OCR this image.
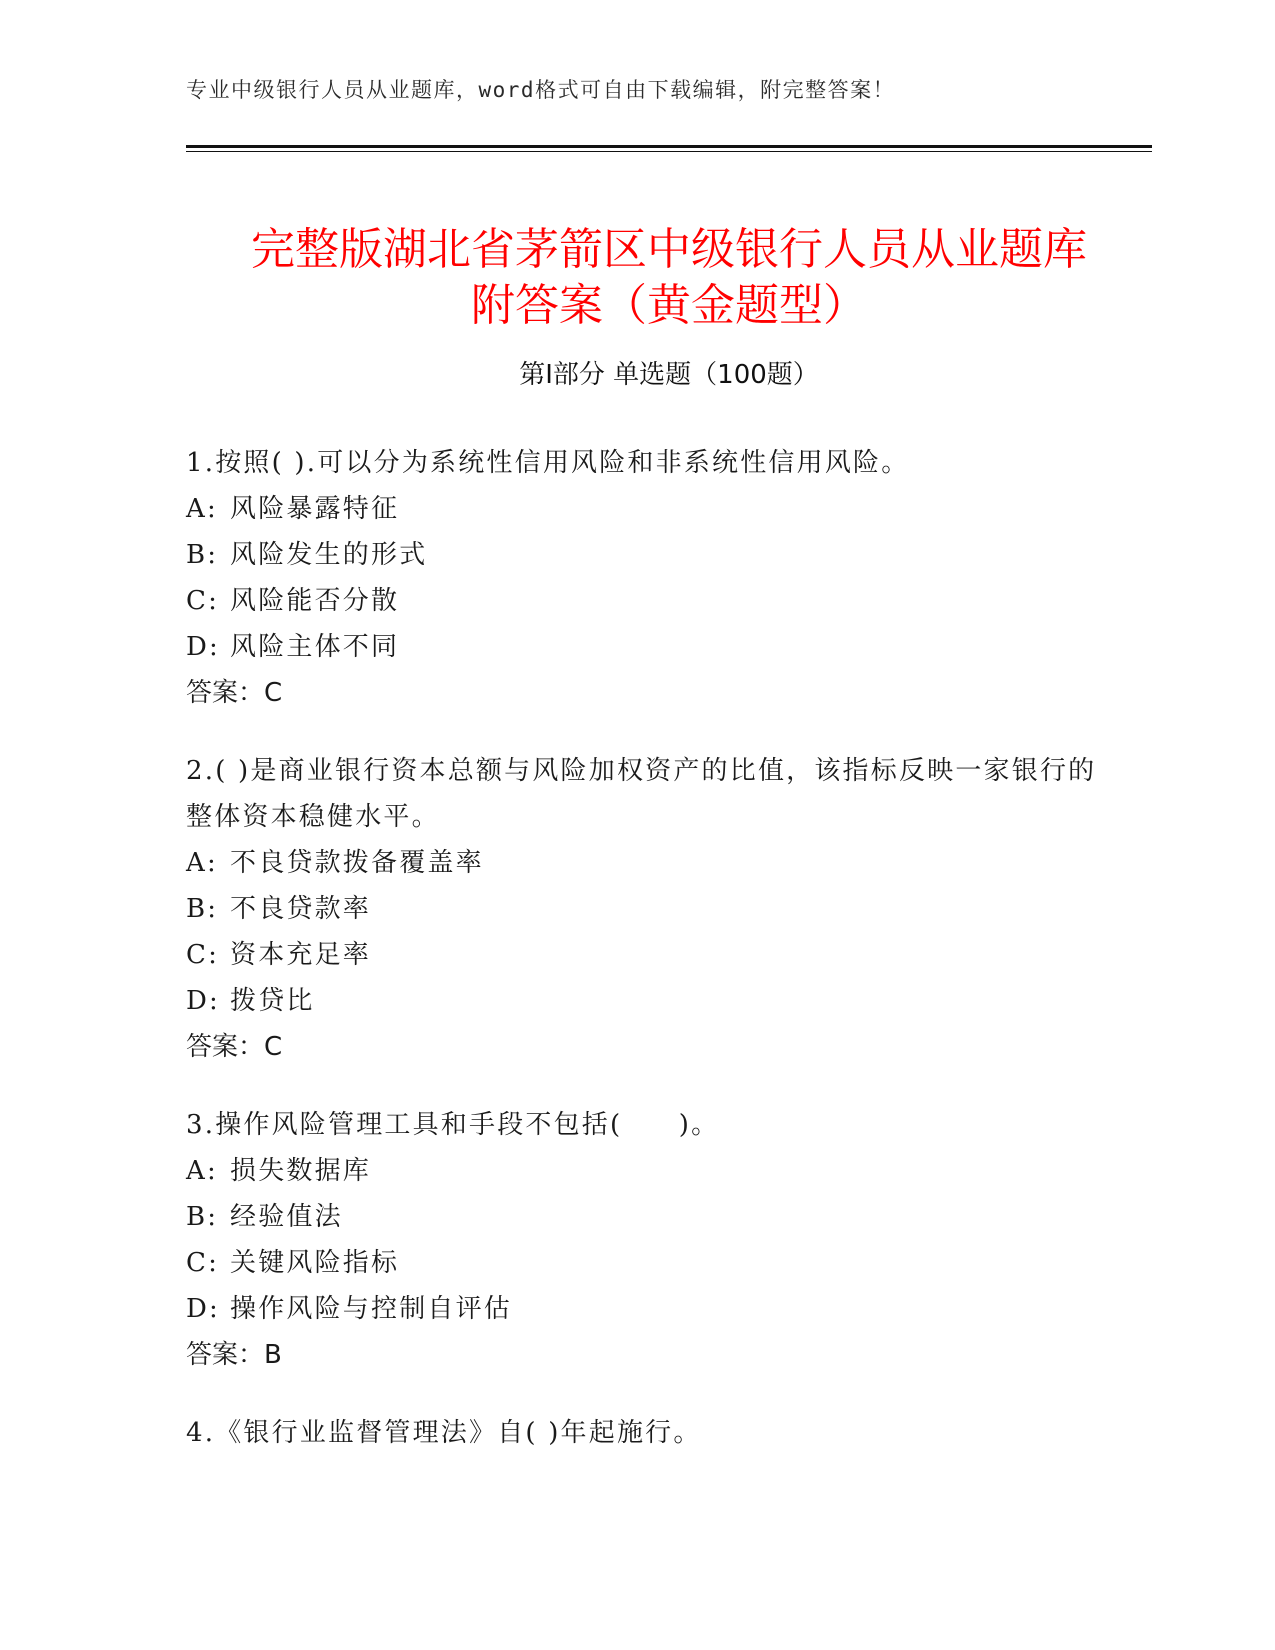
专业中级银行人员从业题库，word格式可自由下载编辑，附完整答案！
完整版湖北省茅箭区中级银行人员从业题库
附答案（黄金题型）
第Ⅰ部分 单选题（100题）

1.按照( ).可以分为系统性信用风险和非系统性信用风险。

A: 风险暴露特征

B: 风险发生的形式

C: 风险能否分散

D: 风险主体不同

答案：C

2.( )是商业银行资本总额与风险加权资产的比值，该指标反映一家银行的整体资本稳健水平。

A: 不良贷款拨备覆盖率

B: 不良贷款率

C: 资本充足率

D: 拨贷比

答案：C

3.操作风险管理工具和手段不包括(　　)。

A: 损失数据库

B: 经验值法

C: 关键风险指标

D: 操作风险与控制自评估

答案：B

4.《银行业监督管理法》自( )年起施行。
